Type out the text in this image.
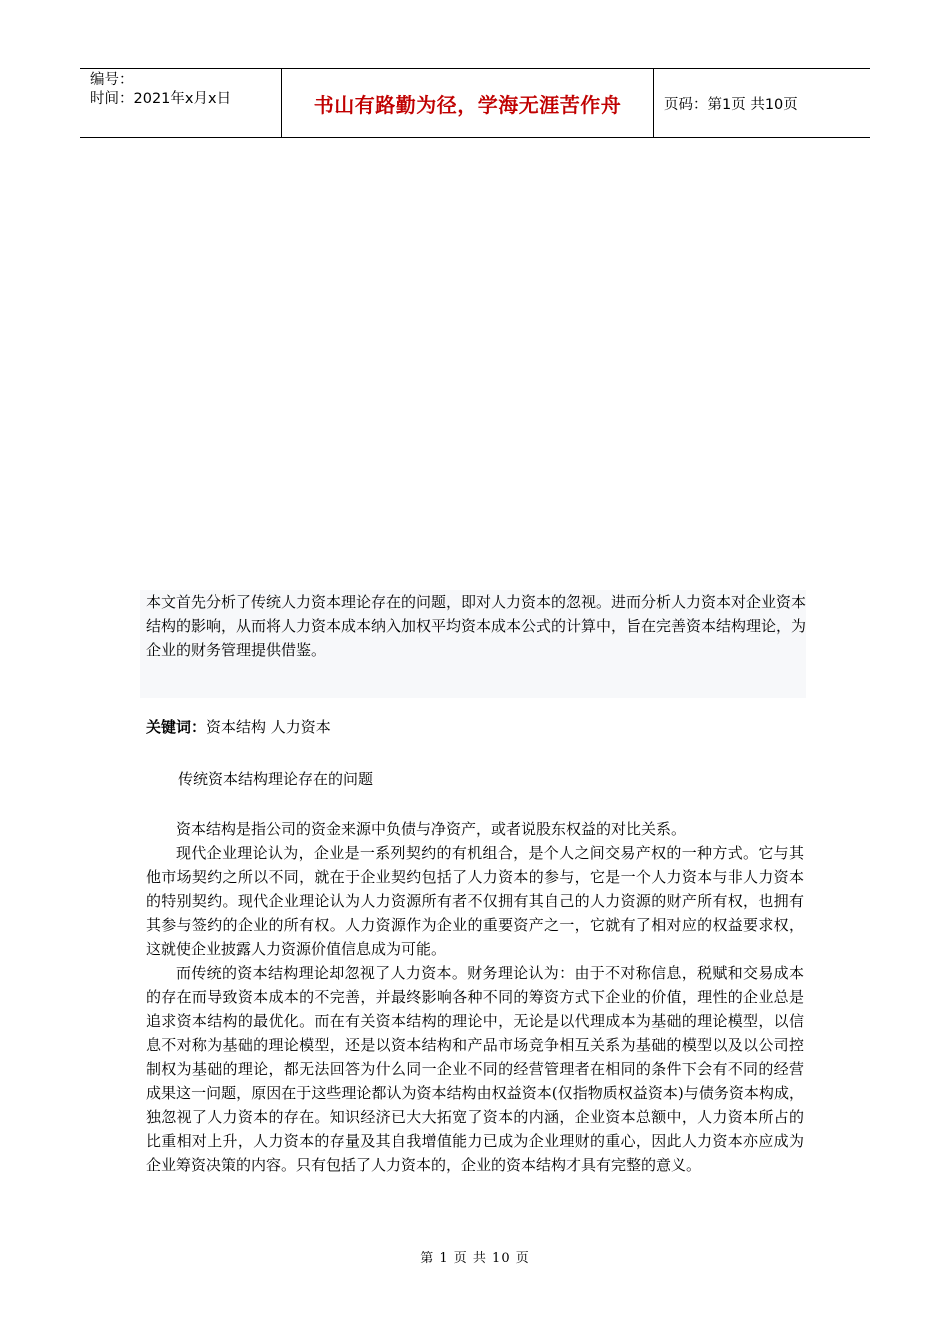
编号：
时间：2021年x月x日	书山有路勤为径，学海无涯苦作舟	页码：第1页 共10页

本文首先分析了传统人力资本理论存在的问题，即对人力资本的忽视。进而分析人力资本对企业资本结构的影响，从而将人力资本成本纳入加权平均资本成本公式的计算中，旨在完善资本结构理论，为企业的财务管理提供借鉴。

关键词：资本结构 人力资本
传统资本结构理论存在的问题

资本结构是指公司的资金来源中负债与净资产，或者说股东权益的对比关系。

现代企业理论认为，企业是一系列契约的有机组合，是个人之间交易产权的一种方式。它与其他市场契约之所以不同，就在于企业契约包括了人力资本的参与，它是一个人力资本与非人力资本的特别契约。现代企业理论认为人力资源所有者不仅拥有其自己的人力资源的财产所有权，也拥有其参与签约的企业的所有权。人力资源作为企业的重要资产之一，它就有了相对应的权益要求权，这就使企业披露人力资源价值信息成为可能。

而传统的资本结构理论却忽视了人力资本。财务理论认为：由于不对称信息，税赋和交易成本的存在而导致资本成本的不完善，并最终影响各种不同的筹资方式下企业的价值，理性的企业总是追求资本结构的最优化。而在有关资本结构的理论中，无论是以代理成本为基础的理论模型，以信息不对称为基础的理论模型，还是以资本结构和产品市场竞争相互关系为基础的模型以及以公司控制权为基础的理论，都无法回答为什么同一企业不同的经营管理者在相同的条件下会有不同的经营成果这一问题，原因在于这些理论都认为资本结构由权益资本(仅指物质权益资本)与债务资本构成，独忽视了人力资本的存在。知识经济已大大拓宽了资本的内涵，企业资本总额中，人力资本所占的比重相对上升，人力资本的存量及其自我增值能力已成为企业理财的重心，因此人力资本亦应成为企业筹资决策的内容。只有包括了人力资本的，企业的资本结构才具有完整的意义。

第 1 页 共 10 页
